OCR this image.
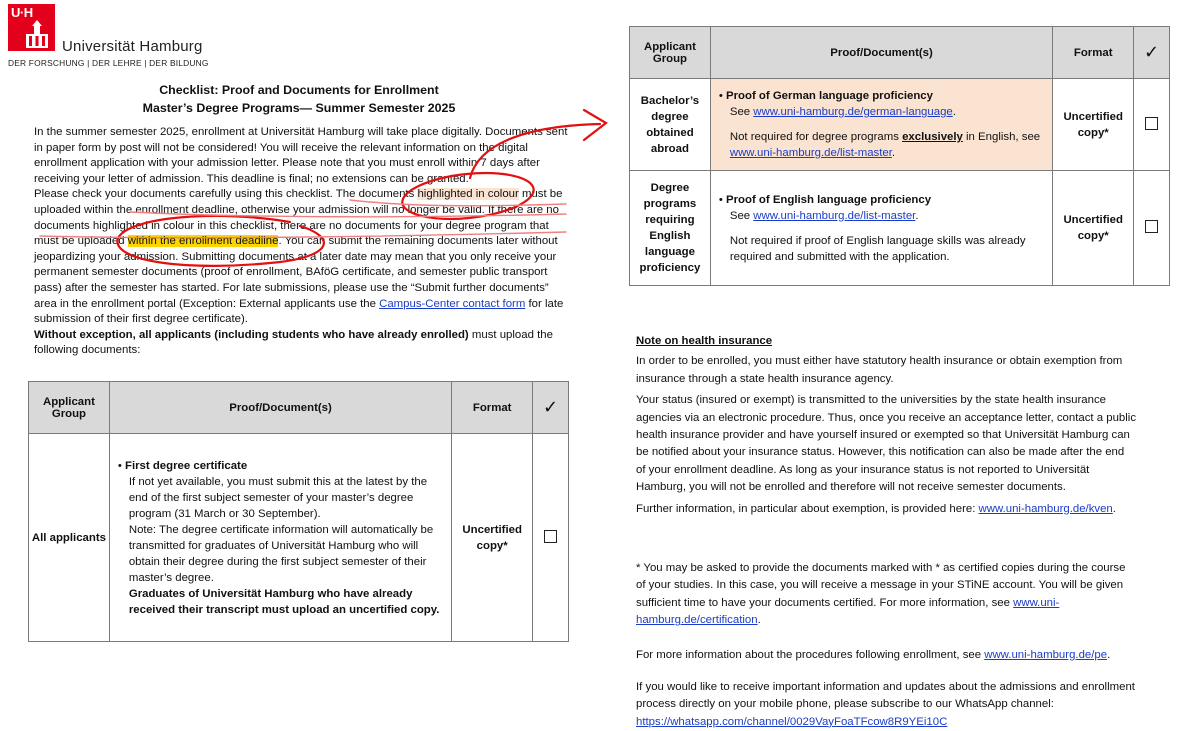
U·H
Universität Hamburg
DER FORSCHUNG | DER LEHRE | DER BILDUNG
Checklist: Proof and Documents for Enrollment
Master’s Degree Programs— Summer Semester 2025

In the summer semester 2025, enrollment at Universität Hamburg will take place digitally. Documents sent in paper form by post will not be considered! You will receive the relevant information on the digital enrollment application with your admission letter. Please note that you must enroll within 7 days after receiving your letter of admission. This deadline is final; no extensions can be granted.

Please check your documents carefully using this checklist. The documents highlighted in colour must be uploaded within the enrollment deadline, otherwise your admission will no longer be valid. If there are no documents highlighted in colour in this checklist, there are no documents for your degree program that must be uploaded within the enrollment deadline. You can submit the remaining documents later without jeopardizing your admission. Submitting documents at a later date may mean that you only receive your permanent semester documents (proof of enrollment, BAföG certificate, and semester public transport pass) after the semester has started. For late submissions, please use the “Submit further documents” area in the enrollment portal (Exception: External applicants use the Campus-Center contact form for late submission of their first degree certificate).

Without exception, all applicants (including students who have already enrolled) must upload the following documents:

Applicant Group	Proof/Document(s)	Format	✓
All applicants	• First degree certificate
If not yet available, you must submit this at the latest by the end of the first subject semester of your master’s degree program (31 March or 30 September).
Note: The degree certificate information will automatically be transmitted for graduates of Universität Hamburg who will obtain their degree during the first subject semester of their master’s degree.
Graduates of Universität Hamburg who have already received their transcript must upload an uncertified copy.	Uncertified copy*	
Applicant Group	Proof/Document(s)	Format	✓
Bachelor’s degree obtained abroad	• Proof of German language proficiency
See www.uni-hamburg.de/german-language.
Not required for degree programs exclusively in English, see www.uni-hamburg.de/list-master.	Uncertified copy*	
Degree programs requiring English language proficiency	• Proof of English language proficiency
See www.uni-hamburg.de/list-master.
Not required if proof of English language skills was already required and submitted with the application.	Uncertified copy*	

Note on health insurance

In order to be enrolled, you must either have statutory health insurance or obtain exemption from insurance through a state health insurance agency.

Your status (insured or exempt) is transmitted to the universities by the state health insurance agencies via an electronic procedure. Thus, once you receive an acceptance letter, contact a public health insurance provider and have yourself insured or exempted so that Universität Hamburg can be notified about your insurance status. However, this notification can also be made after the end of your enrollment deadline. As long as your insurance status is not reported to Universität Hamburg, you will not be enrolled and therefore will not receive semester documents.

Further information, in particular about exemption, is provided here: www.uni-hamburg.de/kven.

* You may be asked to provide the documents marked with * as certified copies during the course of your studies. In this case, you will receive a message in your STiNE account. You will be given sufficient time to have your documents certified. For more information, see www.uni-hamburg.de/certification.

For more information about the procedures following enrollment, see www.uni-hamburg.de/pe.

If you would like to receive important information and updates about the admissions and enrollment process directly on your mobile phone, please subscribe to our WhatsApp channel:

https://whatsapp.com/channel/0029VayFoaTFcow8R9YEi10C
